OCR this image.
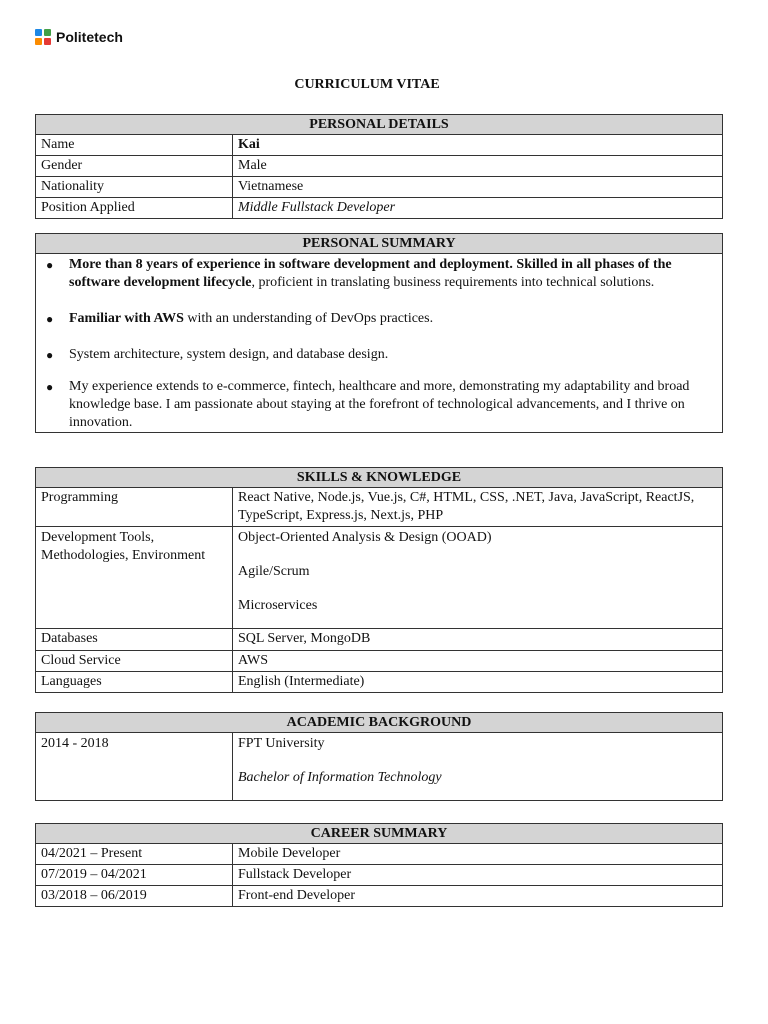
Politetech
CURRICULUM VITAE
PERSONAL DETAILS	
Name	Kai
Gender	Male
Nationality	Vietnamese
Position Applied	Middle Fullstack Developer
PERSONAL SUMMARY

● More than 8 years of experience in software development and deployment. Skilled in all phases of the software development lifecycle, proficient in translating business requirements into technical solutions.
● Familiar with AWS with an understanding of DevOps practices.
● System architecture, system design, and database design.
● My experience extends to e-commerce, fintech, healthcare and more, demonstrating my adaptability and broad knowledge base. I am passionate about staying at the forefront of technological advancements, and I thrive on innovation.
SKILLS & KNOWLEDGE	
Programming	React Native, Node.js, Vue.js, C#, HTML, CSS, .NET, Java, JavaScript, ReactJS, TypeScript, Express.js, Next.js, PHP
Development Tools, Methodologies, Environment	Object-Oriented Analysis & Design (OOAD)
Agile/Scrum
Microservices

Databases	SQL Server, MongoDB
Cloud Service	AWS
Languages	English (Intermediate)
ACADEMIC BACKGROUND
2014 - 2018	FPT University
Bachelor of Information Technology
CAREER SUMMARY	
04/2021 – Present	Mobile Developer
07/2019 – 04/2021	Fullstack Developer
03/2018 – 06/2019	Front-end Developer
